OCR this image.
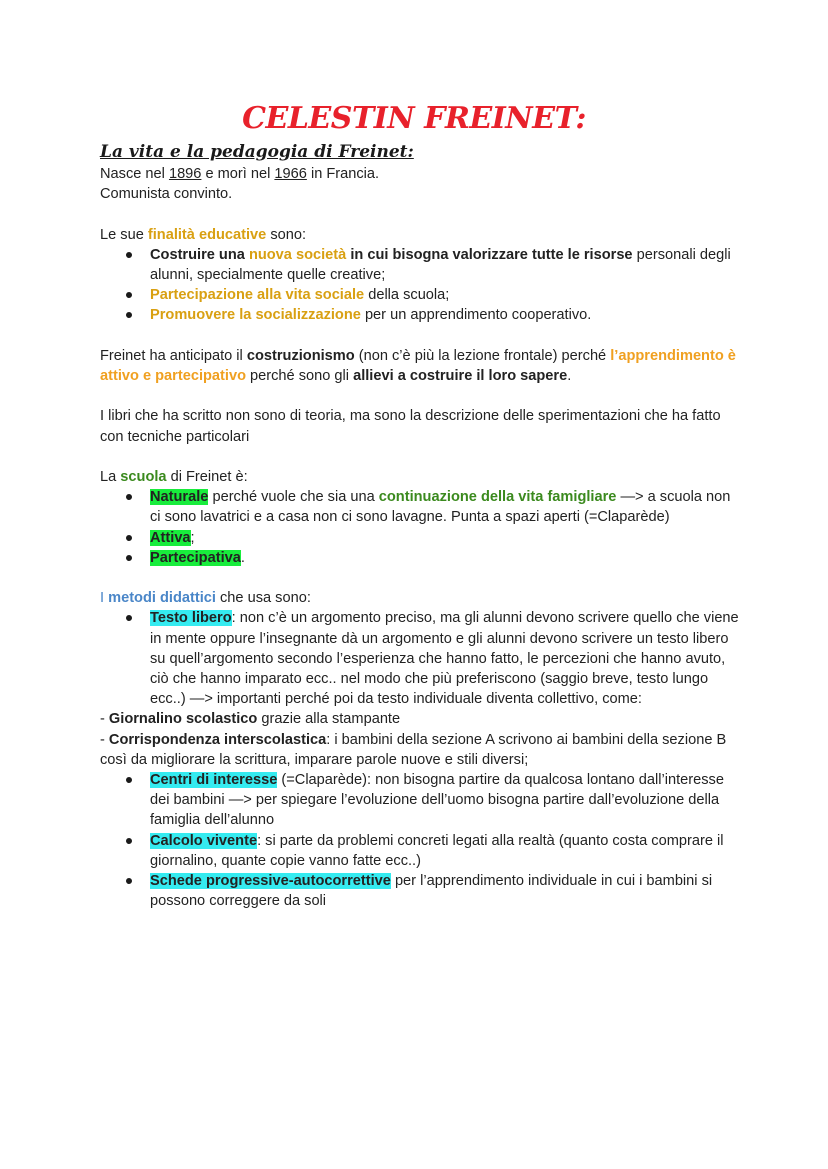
CELESTIN FREINET:
La vita e la pedagogia di Freinet:

Nasce nel 1896 e morì nel 1966 in Francia.

Comunista convinto.

Le sue finalità educative sono:

Costruire una nuova società in cui bisogna valorizzare tutte le risorse personali degli alunni, specialmente quelle creative;
Partecipazione alla vita sociale della scuola;
Promuovere la socializzazione per un apprendimento cooperativo.

Freinet ha anticipato il costruzionismo (non c’è più la lezione frontale) perché l’apprendimento è attivo e partecipativo perché sono gli allievi a costruire il loro sapere.

I libri che ha scritto non sono di teoria, ma sono la descrizione delle sperimentazioni che ha fatto con tecniche particolari

La scuola di Freinet è:

Naturale perché vuole che sia una continuazione della vita famigliare —> a scuola non ci sono lavatrici e a casa non ci sono lavagne. Punta a spazi aperti (=Claparède)
Attiva;
Partecipativa.

I metodi didattici che usa sono:

Testo libero: non c’è un argomento preciso, ma gli alunni devono scrivere quello che viene in mente oppure l’insegnante dà un argomento e gli alunni devono scrivere un testo libero su quell’argomento secondo l’esperienza che hanno fatto, le percezioni che hanno avuto, ciò che hanno imparato ecc.. nel modo che più preferiscono (saggio breve, testo lungo ecc..) —> importanti perché poi da testo individuale diventa collettivo, come:

- Giornalino scolastico grazie alla stampante

- Corrispondenza interscolastica: i bambini della sezione A scrivono ai bambini della sezione B così da migliorare la scrittura, imparare parole nuove e stili diversi;

Centri di interesse (=Claparède): non bisogna partire da qualcosa lontano dall’interesse dei bambini —> per spiegare l’evoluzione dell’uomo bisogna partire dall’evoluzione della famiglia dell’alunno
Calcolo vivente: si parte da problemi concreti legati alla realtà (quanto costa comprare il giornalino, quante copie vanno fatte ecc..)
Schede progressive-autocorrettive per l’apprendimento individuale in cui i bambini si possono correggere da soli
